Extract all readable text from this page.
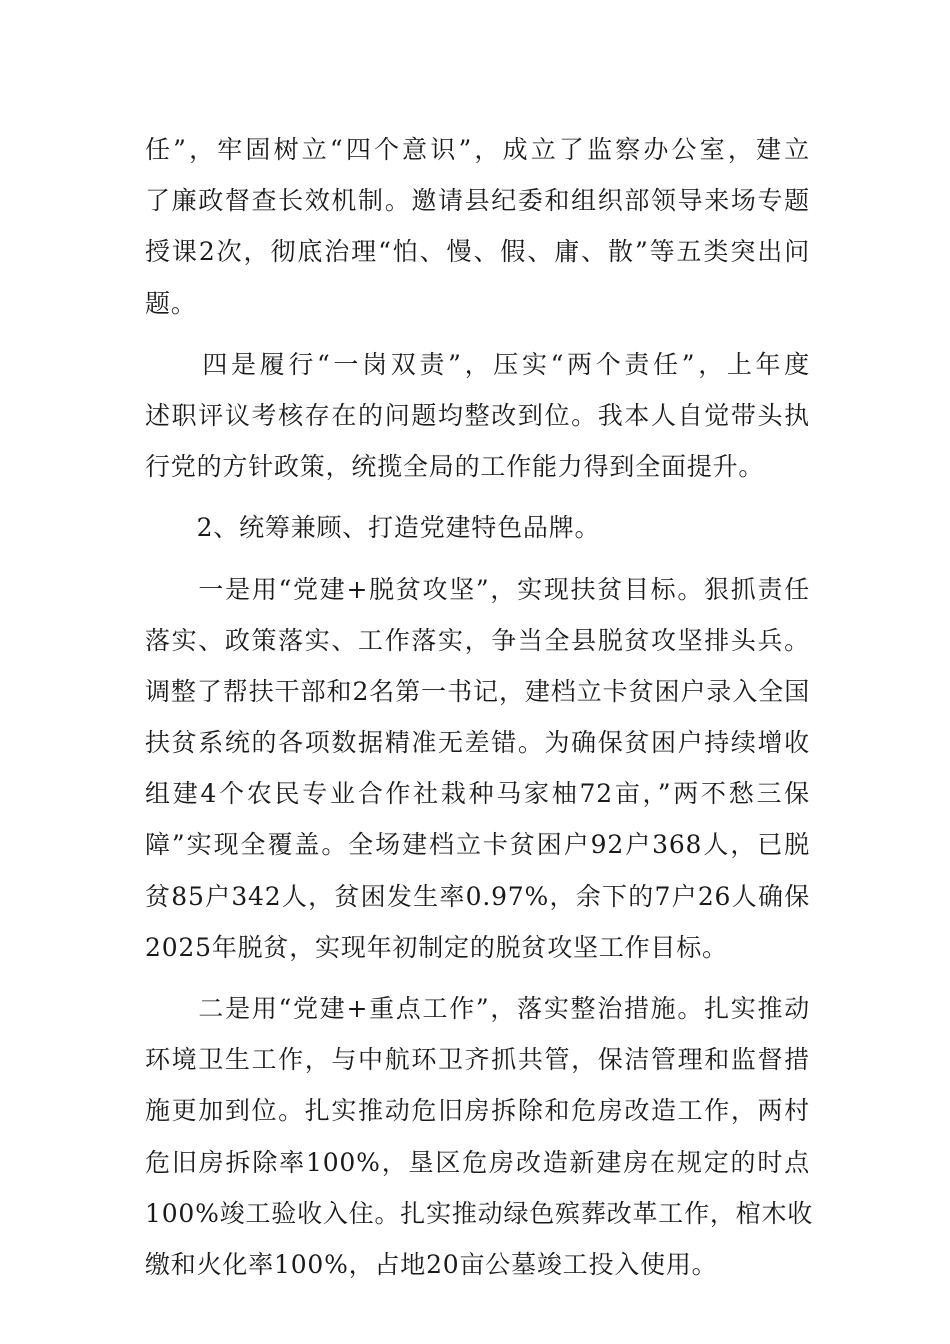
任”，牢固树立“四个意识”，成立了监察办公室，建立
了廉政督查长效机制。邀请县纪委和组织部领导来场专题
授课2次，彻底治理“怕、慢、假、庸、散”等五类突出问
题。
　　四是履行“一岗双责”，压实“两个责任”，上年度
述职评议考核存在的问题均整改到位。我本人自觉带头执
行党的方针政策，统揽全局的工作能力得到全面提升。
　　2、统筹兼顾、打造党建特色品牌。
　　一是用“党建+脱贫攻坚”，实现扶贫目标。狠抓责任
落实、政策落实、工作落实，争当全县脱贫攻坚排头兵。
调整了帮扶干部和2名第一书记，建档立卡贫困户录入全国
扶贫系统的各项数据精准无差错。为确保贫困户持续增收
组建4个农民专业合作社栽种马家柚72亩，”两不愁三保
障”实现全覆盖。全场建档立卡贫困户92户368人，已脱
贫85户342人，贫困发生率0.97%，余下的7户26人确保
2025年脱贫，实现年初制定的脱贫攻坚工作目标。
　　二是用“党建+重点工作”，落实整治措施。扎实推动
环境卫生工作，与中航环卫齐抓共管，保洁管理和监督措
施更加到位。扎实推动危旧房拆除和危房改造工作，两村
危旧房拆除率100%，垦区危房改造新建房在规定的时点
100%竣工验收入住。扎实推动绿色殡葬改革工作，棺木收
缴和火化率100%，占地20亩公墓竣工投入使用。
